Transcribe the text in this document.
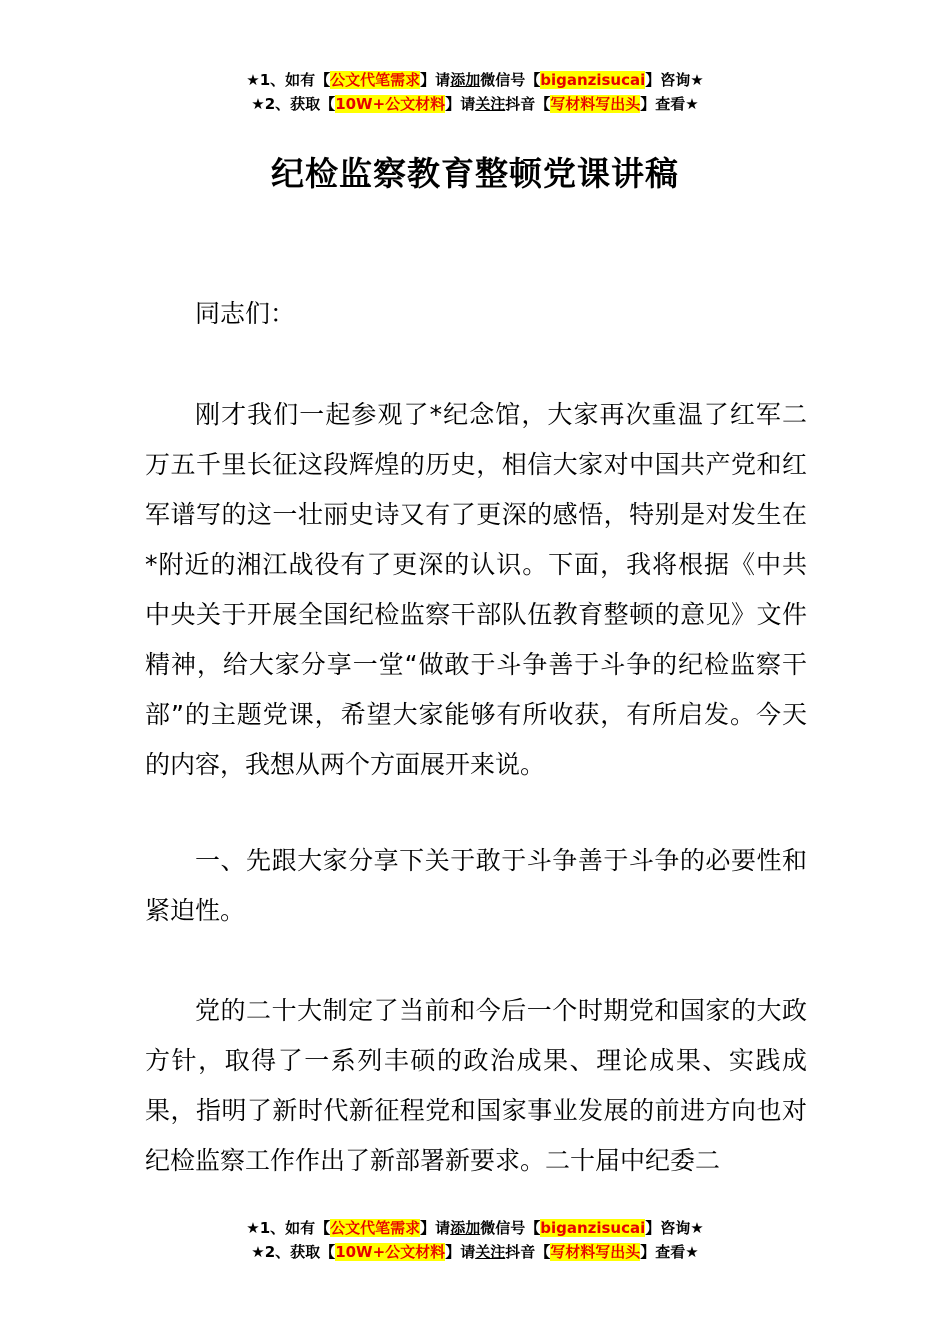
★1、如有【公文代笔需求】请添加微信号【biganzisucai】咨询★
★2、获取【10W+公文材料】请关注抖音【写材料写出头】查看★
纪检监察教育整顿党课讲稿

同志们：

刚才我们一起参观了*纪念馆，大家再次重温了红军二万五千里长征这段辉煌的历史，相信大家对中国共产党和红军谱写的这一壮丽史诗又有了更深的感悟，特别是对发生在*附近的湘江战役有了更深的认识。下面，我将根据《中共中央关于开展全国纪检监察干部队伍教育整顿的意见》文件精神，给大家分享一堂“做敢于斗争善于斗争的纪检监察干部”的主题党课，希望大家能够有所收获，有所启发。今天的内容，我想从两个方面展开来说。

一、先跟大家分享下关于敢于斗争善于斗争的必要性和紧迫性。

党的二十大制定了当前和今后一个时期党和国家的大政方针，取得了一系列丰硕的政治成果、理论成果、实践成果，指明了新时代新征程党和国家事业发展的前进方向也对纪检监察工作作出了新部署新要求。二十届中纪委二

★1、如有【公文代笔需求】请添加微信号【biganzisucai】咨询★
★2、获取【10W+公文材料】请关注抖音【写材料写出头】查看★
